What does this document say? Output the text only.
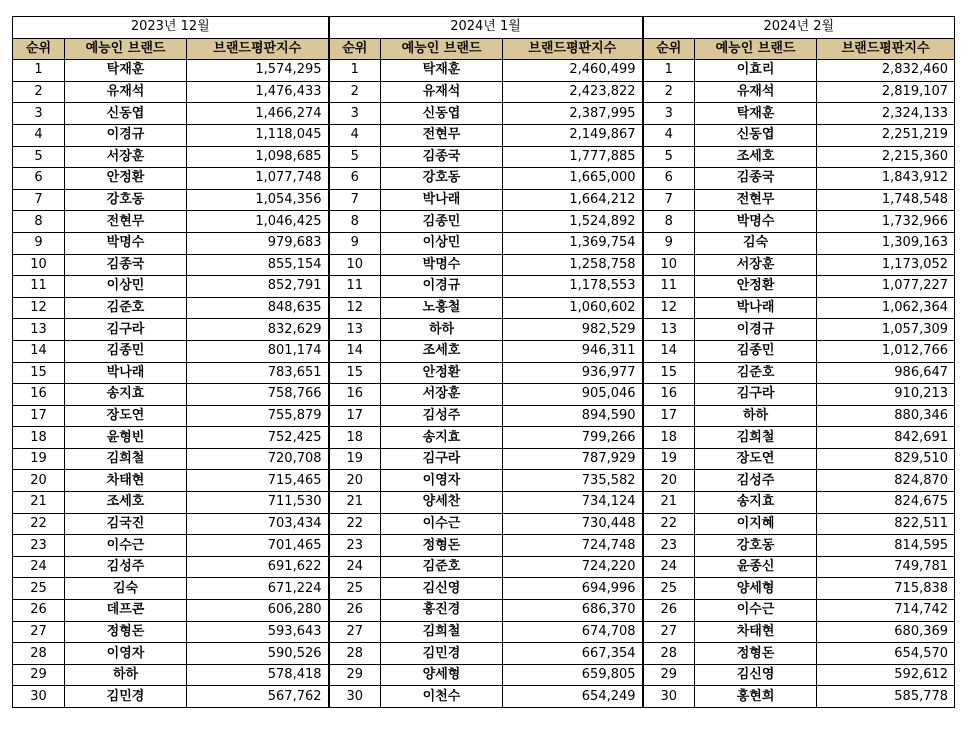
2023년 12월			2024년 1월			2024년 2월		
순위	예능인 브랜드	브랜드평판지수	순위	예능인 브랜드	브랜드평판지수	순위	예능인 브랜드	브랜드평판지수
1	탁재훈	1,574,295	1	탁재훈	2,460,499	1	이효리	2,832,460
2	유재석	1,476,433	2	유재석	2,423,822	2	유재석	2,819,107
3	신동엽	1,466,274	3	신동엽	2,387,995	3	탁재훈	2,324,133
4	이경규	1,118,045	4	전현무	2,149,867	4	신동엽	2,251,219
5	서장훈	1,098,685	5	김종국	1,777,885	5	조세호	2,215,360
6	안정환	1,077,748	6	강호동	1,665,000	6	김종국	1,843,912
7	강호동	1,054,356	7	박나래	1,664,212	7	전현무	1,748,548
8	전현무	1,046,425	8	김종민	1,524,892	8	박명수	1,732,966
9	박명수	979,683	9	이상민	1,369,754	9	김숙	1,309,163
10	김종국	855,154	10	박명수	1,258,758	10	서장훈	1,173,052
11	이상민	852,791	11	이경규	1,178,553	11	안정환	1,077,227
12	김준호	848,635	12	노홍철	1,060,602	12	박나래	1,062,364
13	김구라	832,629	13	하하	982,529	13	이경규	1,057,309
14	김종민	801,174	14	조세호	946,311	14	김종민	1,012,766
15	박나래	783,651	15	안정환	936,977	15	김준호	986,647
16	송지효	758,766	16	서장훈	905,046	16	김구라	910,213
17	장도연	755,879	17	김성주	894,590	17	하하	880,346
18	윤형빈	752,425	18	송지효	799,266	18	김희철	842,691
19	김희철	720,708	19	김구라	787,929	19	장도연	829,510
20	차태현	715,465	20	이영자	735,582	20	김성주	824,870
21	조세호	711,530	21	양세찬	734,124	21	송지효	824,675
22	김국진	703,434	22	이수근	730,448	22	이지혜	822,511
23	이수근	701,465	23	정형돈	724,748	23	강호동	814,595
24	김성주	691,622	24	김준호	724,220	24	윤종신	749,781
25	김숙	671,224	25	김신영	694,996	25	양세형	715,838
26	데프콘	606,280	26	홍진경	686,370	26	이수근	714,742
27	정형돈	593,643	27	김희철	674,708	27	차태현	680,369
28	이영자	590,526	28	김민경	667,354	28	정형돈	654,570
29	하하	578,418	29	양세형	659,805	29	김신영	592,612
30	김민경	567,762	30	이천수	654,249	30	홍현희	585,778
